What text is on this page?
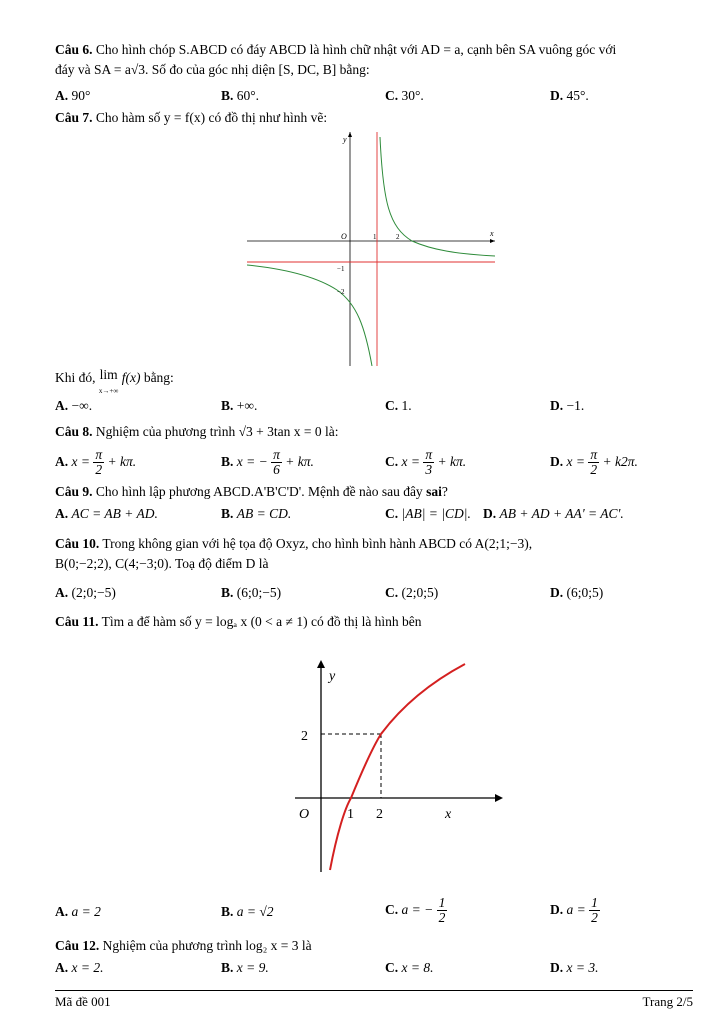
Câu 6. Cho hình chóp S.ABCD có đáy ABCD là hình chữ nhật với AD = a, cạnh bên SA vuông góc với
đáy và SA = a√3. Số đo của góc nhị diện [S, DC, B] bằng:
A. 90°	B. 60°.	C. 30°.	D. 45°.
Câu 7. Cho hàm số y = f(x) có đồ thị như hình vẽ:
y
x
O	1	2
−1
−2
Khi đó, lim
x→+∞ f(x) bằng:
A. −∞.	B. +∞.	C. 1.	D. −1.
Câu 8. Nghiệm của phương trình √3 + 3tan x = 0 là:
A. $x = \frac{\pi}{2} + k\pi$.	B. x = − $\frac{\pi}{6} + k\pi$.	C. $x = \frac{\pi}{3} + k\pi$.	D. $x = \frac{\pi}{2} + k2\pi$.
Câu 9. Cho hình lập phương ABCD.A'B'C'D'. Mệnh đề nào sau đây sai?
A. AC = AB + AD.	B. AB = CD.	C. |AB| = |CD|. D. AB + AD + AA' = AC'.
Câu 10. Trong không gian với hệ tọa độ Oxyz, cho hình bình hành ABCD có A(2;1;−3),
B(0;−2;2), C(4;−3;0). Toạ độ điểm D là
A. (2;0;−5)	B. (6;0;−5)	C. (2;0;5)	D. (6;0;5)
Câu 11. Tìm a để hàm số y = logₐ x (0 < a ≠ 1) có đồ thị là hình bên
y
x
O	1 2
2
A. a = 2	B. a = √2	C. a = − $\frac{1}{2}$	D. $a = \frac{1}{2}$
Câu 12. Nghiệm của phương trình log₂ x = 3 là
A. x = 2.	B. x = 9.	C. x = 8.	D. x = 3.
Mã đề 001	Trang 2/5
